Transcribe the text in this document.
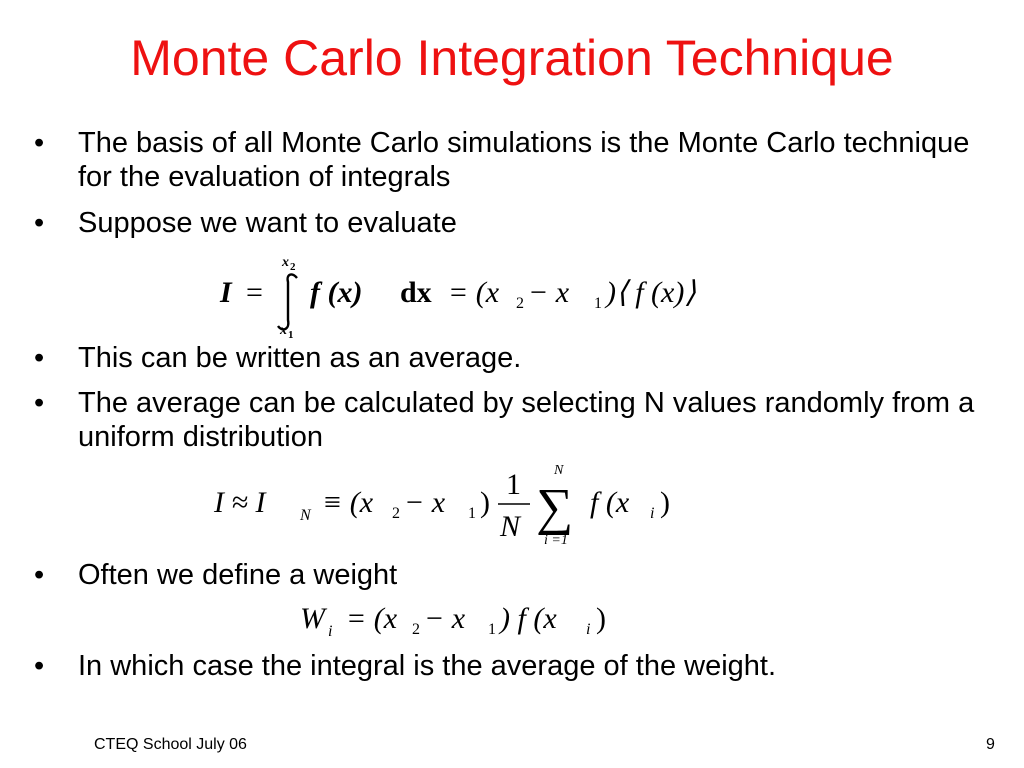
Monte Carlo Integration Technique
•	The basis of all Monte Carlo simulations is the Monte Carlo technique for the evaluation of integrals
•	Suppose we want to evaluate
I =
x 2
x 1
f (x) dx = (x 2 − x 1 )⟨ f (x)⟩
•	This can be written as an average.
•	The average can be calculated by selecting N values randomly from a uniform distribution
I ≈ I N ≡ (x 2 − x 1 )
1
N
N
∑
i =1
f (x i )
•	Often we define a weight
W i = (x 2 − x 1 ) f (x i )
•	In which case the integral is the average of the weight.
CTEQ School July 06	9
